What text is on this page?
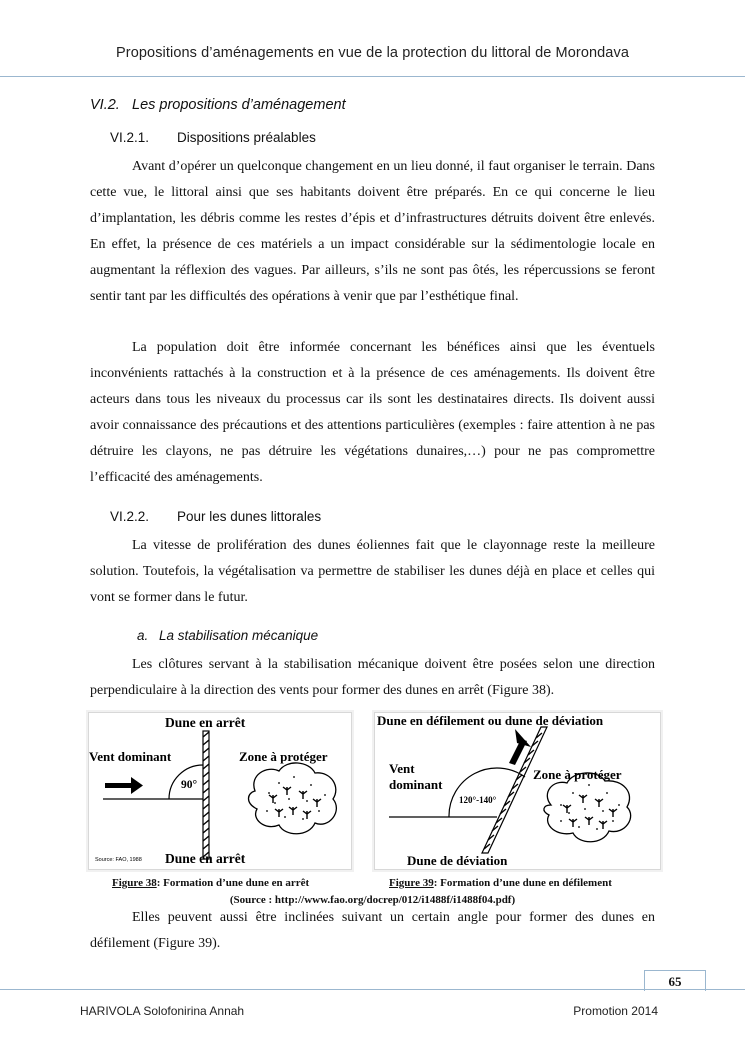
Propositions d’aménagements en vue de la protection du littoral de Morondava
VI.2. Les propositions d’aménagement
VI.2.1. Dispositions préalables

Avant d’opérer un quelconque changement en un lieu donné, il faut organiser le terrain. Dans cette vue, le littoral ainsi que ses habitants doivent être préparés. En ce qui concerne le lieu d’implantation, les débris comme les restes d’épis et d’infrastructures détruits doivent être enlevés. En effet, la présence de ces matériels a un impact considérable sur la sédimentologie locale en augmentant la réflexion des vagues. Par ailleurs, s’ils ne sont pas ôtés, les répercussions se feront sentir tant par les difficultés des opérations à venir que par l’esthétique final.

La population doit être informée concernant les bénéfices ainsi que les éventuels inconvénients rattachés à la construction et à la présence de ces aménagements. Ils doivent être acteurs dans tous les niveaux du processus car ils sont les destinataires directs. Ils doivent aussi avoir connaissance des précautions et des attentions particulières (exemples : faire attention à ne pas détruire les clayons, ne pas détruire les végétations dunaires,…) pour ne pas compromettre l’efficacité des aménagements.

VI.2.2. Pour les dunes littorales

La vitesse de prolifération des dunes éoliennes fait que le clayonnage reste la meilleure solution. Toutefois, la végétalisation va permettre de stabiliser les dunes déjà en place et celles qui vont se former dans le futur.

a. La stabilisation mécanique

Les clôtures servant à la stabilisation mécanique doivent être posées selon une direction perpendiculaire à la direction des vents pour former des dunes en arrêt (Figure 38).

Dune en arrêt
Vent dominant	Zone à protéger
90°
Dune en arrêt
Source: FAO, 1988
Dune en défilement ou dune de déviation
Vent
dominant
Zone à protéger
120°-140°
Dune de déviation
Figure 38: Formation d’une dune en arrêt	Figure 39: Formation d’une dune en défilement
(Source : http://www.fao.org/docrep/012/i1488f/i1488f04.pdf)

Elles peuvent aussi être inclinées suivant un certain angle pour former des dunes en défilement (Figure 39).

65
HARIVOLA Solofonirina Annah	Promotion 2014
